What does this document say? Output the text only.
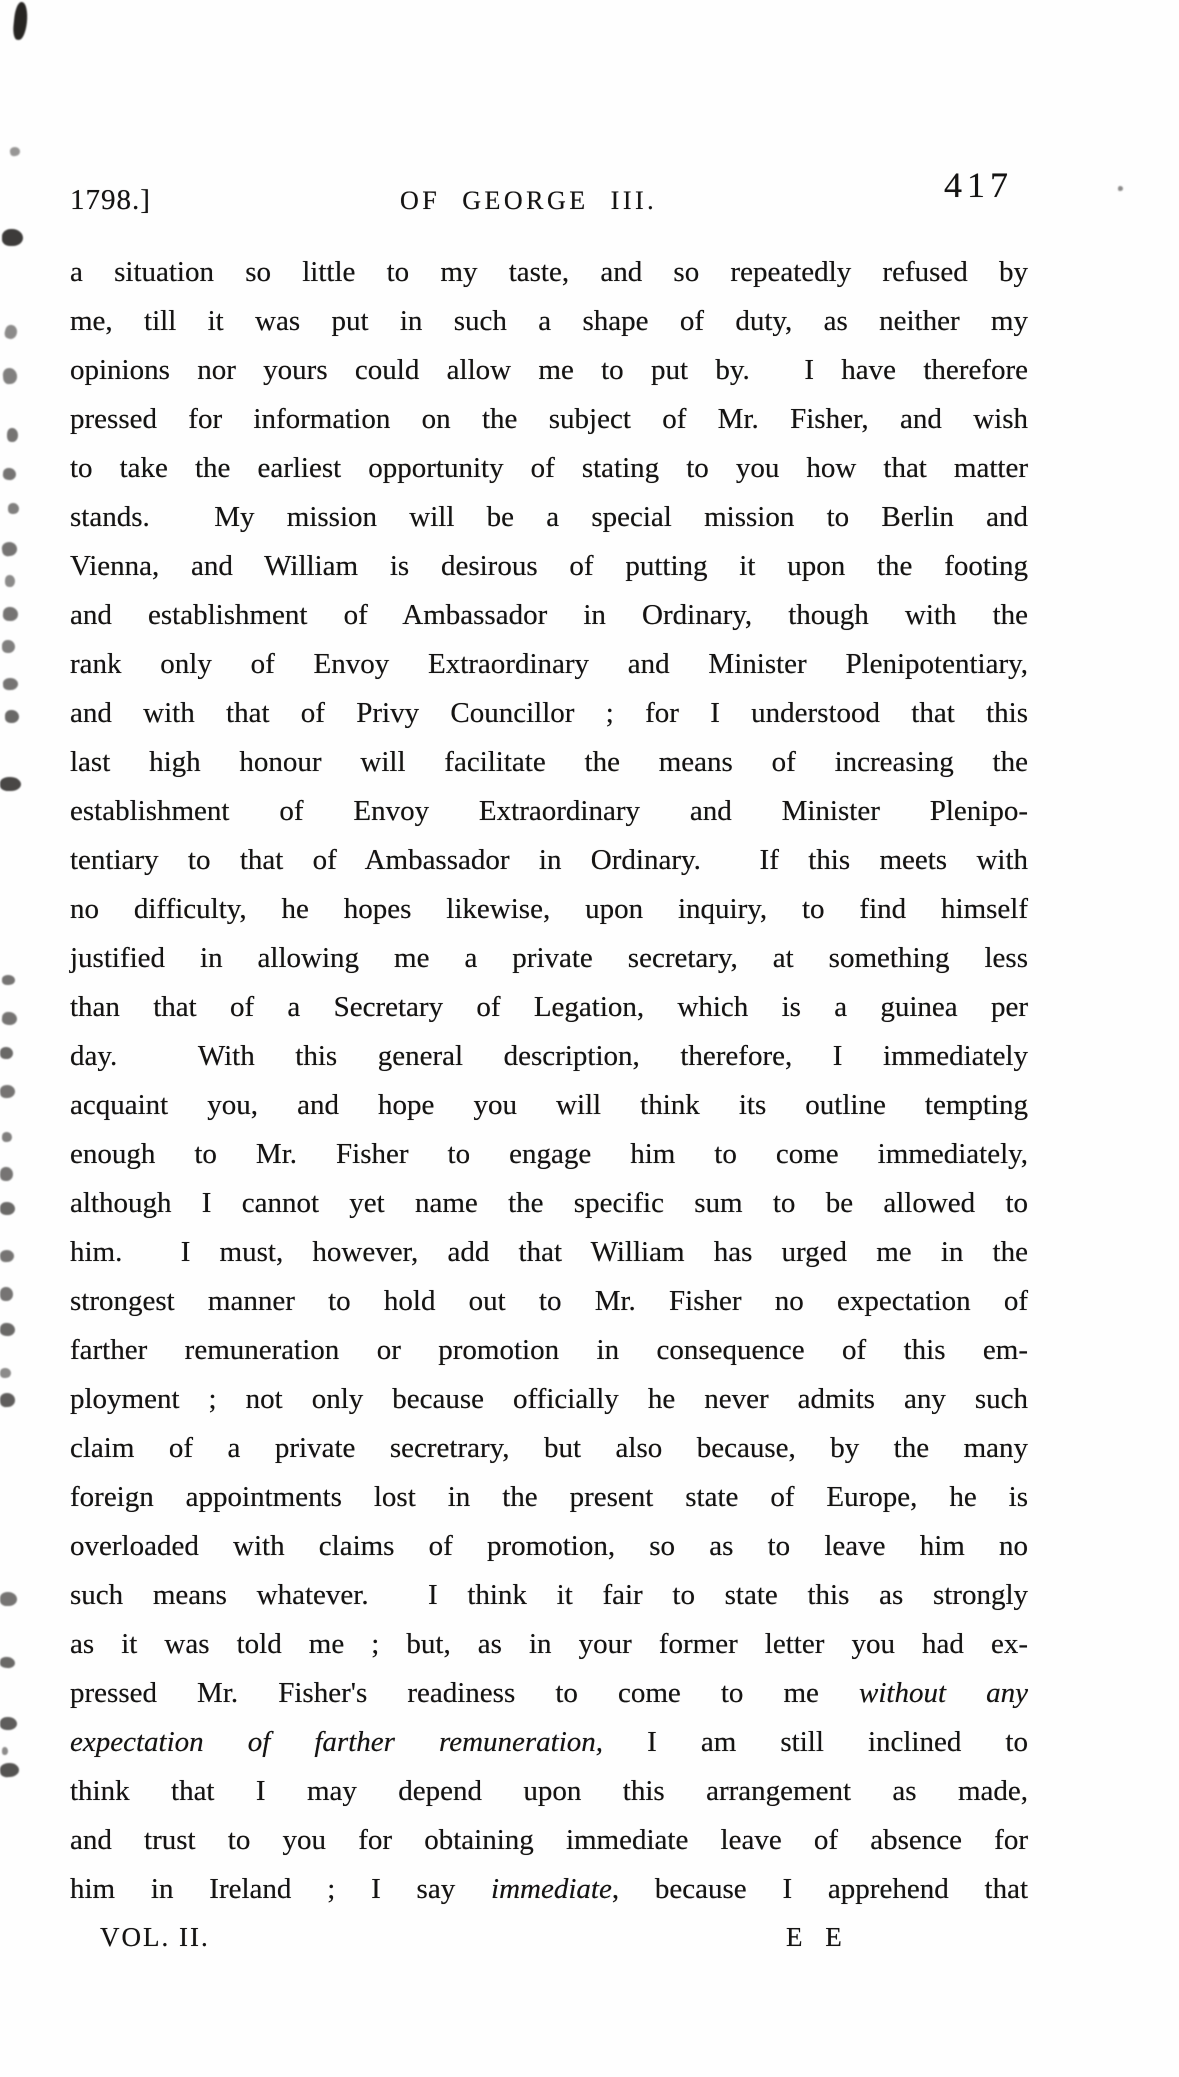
1798.]	OF GEORGE III.	417
a situation so little to my taste, and so repeatedly refused by
me, till it was put in such a shape of duty, as neither my
opinions nor yours could allow me to put by.  I have therefore
pressed for information on the subject of Mr. Fisher, and wish
to take the earliest opportunity of stating to you how that matter
stands.  My mission will be a special mission to Berlin and
Vienna, and William is desirous of putting it upon the footing
and establishment of Ambassador in Ordinary, though with the
rank only of Envoy Extraordinary and Minister Plenipotentiary,
and with that of Privy Councillor ; for I understood that this
last high honour will facilitate the means of increasing the
establishment of Envoy Extraordinary and Minister Plenipo-
tentiary to that of Ambassador in Ordinary.  If this meets with
no difficulty, he hopes likewise, upon inquiry, to find himself
justified in allowing me a private secretary, at something less
than that of a Secretary of Legation, which is a guinea per
day.  With this general description, therefore, I immediately
acquaint you, and hope you will think its outline tempting
enough to Mr. Fisher to engage him to come immediately,
although I cannot yet name the specific sum to be allowed to
him.  I must, however, add that William has urged me in the
strongest manner to hold out to Mr. Fisher no expectation of
farther remuneration or promotion in consequence of this em-
ployment ; not only because officially he never admits any such
claim of a private secretrary, but also because, by the many
foreign appointments lost in the present state of Europe, he is
overloaded with claims of promotion, so as to leave him no
such means whatever.  I think it fair to state this as strongly
as it was told me ; but, as in your former letter you had ex-
pressed Mr. Fisher's readiness to come to me without any
expectation of farther remuneration, I am still inclined to
think that I may depend upon this arrangement as made,
and trust to you for obtaining immediate leave of absence for
him in Ireland ; I say immediate, because I apprehend that
VOL. II.	E E
